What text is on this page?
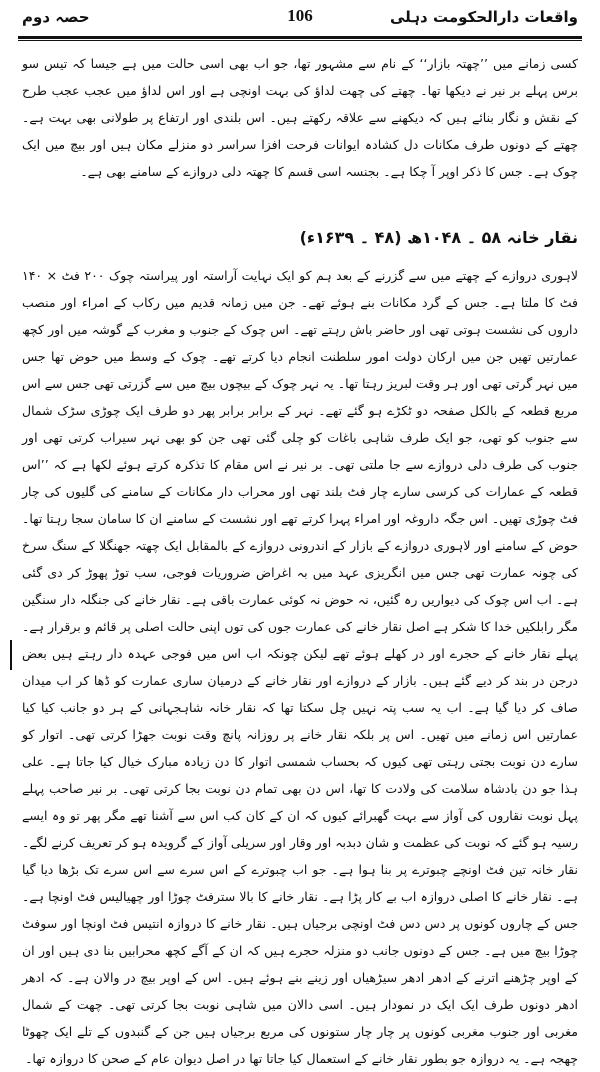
واقعات دارالحکومت دہلی
106
حصہ دوم
کسی زمانے میں ’’چھتہ بازار‘‘ کے نام سے مشہور تھا، جو اب بھی اسی حالت میں ہے جیسا کہ تیس سو برس پہلے بر نیر نے دیکھا تھا۔ چھتے کی چھت لداؤ کی بہت اونچی ہے اور اس لداؤ میں عجب عجب طرح کے نقش و نگار بنائے ہیں کہ دیکھنے سے علاقہ رکھتے ہیں۔ اس بلندی اور ارتفاع پر طولانی بھی بہت ہے۔ چھتے کے دونوں طرف مکانات دل کشادہ ایوانات فرحت افزا سراسر دو منزلے مکان ہیں اور بیچ میں ایک چوک ہے۔ جس کا ذکر اوپر آ چکا ہے۔ بجنسہ اسی قسم کا چھتہ دلی دروازے کے سامنے بھی ہے۔
نقار خانہ ۵۸ ۔ ۱۰۴۸ھ (۴۸ ۔ ۱۶۳۹ء)
لاہوری دروازے کے چھتے میں سے گزرنے کے بعد ہم کو ایک نہایت آراستہ اور پیراستہ چوک ۲۰۰ فٹ × ۱۴۰ فٹ کا ملتا ہے۔ جس کے گرد مکانات بنے ہوئے تھے۔ جن میں زمانہ قدیم میں رکاب کے امراء اور منصب داروں کی نشست ہوتی تھی اور حاضر باش رہتے تھے۔ اس چوک کے جنوب و مغرب کے گوشہ میں اور کچھ عمارتیں تھیں جن میں ارکان دولت امور سلطنت انجام دیا کرتے تھے۔ چوک کے وسط میں حوض تھا جس میں نہر گرتی تھی اور ہر وقت لبریز رہتا تھا۔ یہ نہر چوک کے بیچوں بیچ میں سے گزرتی تھی جس سے اس مربع قطعہ کے بالکل صفحہ دو ٹکڑے ہو گئے تھے۔ نہر کے برابر برابر پھر دو طرف ایک چوڑی سڑک شمال سے جنوب کو تھی، جو ایک طرف شاہی باغات کو چلی گئی تھی جن کو بھی نہر سیراب کرتی تھی اور جنوب کی طرف دلی دروازے سے جا ملتی تھی۔ بر نیر نے اس مقام کا تذکرہ کرتے ہوئے لکھا ہے کہ ’’اس قطعہ کے عمارات کی کرسی سارے چار فٹ بلند تھی اور محراب دار مکانات کے سامنے کی گلیوں کی چار فٹ چوڑی تھیں۔ اس جگہ داروغہ اور امراء پہرا کرتے تھے اور نشست کے سامنے ان کا سامان سجا رہتا تھا۔ حوض کے سامنے اور لاہوری دروازے کے بازار کے اندرونی دروازے کے بالمقابل ایک چھتہ جھنگلا کے سنگ سرخ کی چونہ عمارت تھی جس میں انگریزی عہد میں بہ اغراض ضروریات فوجی، سب توڑ پھوڑ کر دی گئی ہے۔ اب اس چوک کی دیواریں رہ گئیں، نہ حوض نہ کوئی عمارت باقی ہے۔ نقار خانے کی جنگلہ دار سنگین مگر رابلکیں خدا کا شکر ہے اصل نقار خانے کی عمارت جوں کی توں اپنی حالت اصلی پر قائم و برقرار ہے۔ پہلے نقار خانے کے حجرے اور در کھلے ہوئے تھے لیکن چونکہ اب اس میں فوجی عہدہ دار رہتے ہیں بعض درجن در بند کر دیے گئے ہیں۔ بازار کے دروازے اور نقار خانے کے درمیان ساری عمارت کو ڈھا کر اب میدان صاف کر دیا گیا ہے۔ اب یہ سب پتہ نہیں چل سکتا تھا کہ نقار خانہ شاہجہانی کے ہر دو جانب کیا کیا عمارتیں اس زمانے میں تھیں۔ اس پر بلکہ نقار خانے پر روزانہ پانچ وقت نوبت جھڑا کرتی تھی۔ اتوار کو سارے دن نوبت بجتی رہتی تھی کیوں کہ بحساب شمسی اتوار کا دن زیادہ مبارک خیال کیا جاتا ہے۔ علی ہذا جو دن بادشاہ سلامت کی ولادت کا تھا، اس دن بھی تمام دن نوبت بجا کرتی تھی۔ بر نیر صاحب پہلے پہل نوبت نقاروں کی آواز سے بہت گھبرائے کیوں کہ ان کے کان کب اس سے آشنا تھے مگر پھر تو وہ ایسے رسیہ ہو گئے کہ نوبت کی عظمت و شان دبدبہ اور وقار اور سریلی آواز کے گرویدہ ہو کر تعریف کرنے لگے۔ نقار خانہ تین فٹ اونچے چبوترے پر بنا ہوا ہے۔ جو اب چبوترے کے اس سرے سے اس سرے تک بڑھا دیا گیا ہے۔ نقار خانے کا اصلی دروازہ اب بے کار پڑا ہے۔ نقار خانے کا بالا سترفٹ چوڑا اور چھیالیس فٹ اونچا ہے۔ جس کے چاروں کونوں پر دس دس فٹ اونچی برجیاں ہیں۔ نقار خانے کا دروازہ انتیس فٹ اونچا اور سوفٹ چوڑا بیچ میں ہے۔ جس کے دونوں جانب دو منزلہ حجرے ہیں کہ ان کے آگے کچھ محرابیں بنا دی ہیں اور ان کے اوپر چڑھنے اترنے کے ادھر ادھر سیڑھیاں اور زینے بنے ہوئے ہیں۔ اس کے اوپر بیچ در والان ہے۔ کہ ادھر ادھر دونوں طرف ایک ایک در نمودار ہیں۔ اسی دالان میں شاہی نوبت بجا کرتی تھی۔ چھت کے شمال مغربی اور جنوب مغربی کونوں پر چار چار ستونوں کی مربع برجیاں ہیں جن کے گنبدوں کے تلے ایک چھوٹا چھجہ ہے۔ یہ دروازہ جو بطور نقار خانے کے استعمال کیا جاتا تھا در اصل دیوان عام کے صحن کا دروازہ تھا۔
